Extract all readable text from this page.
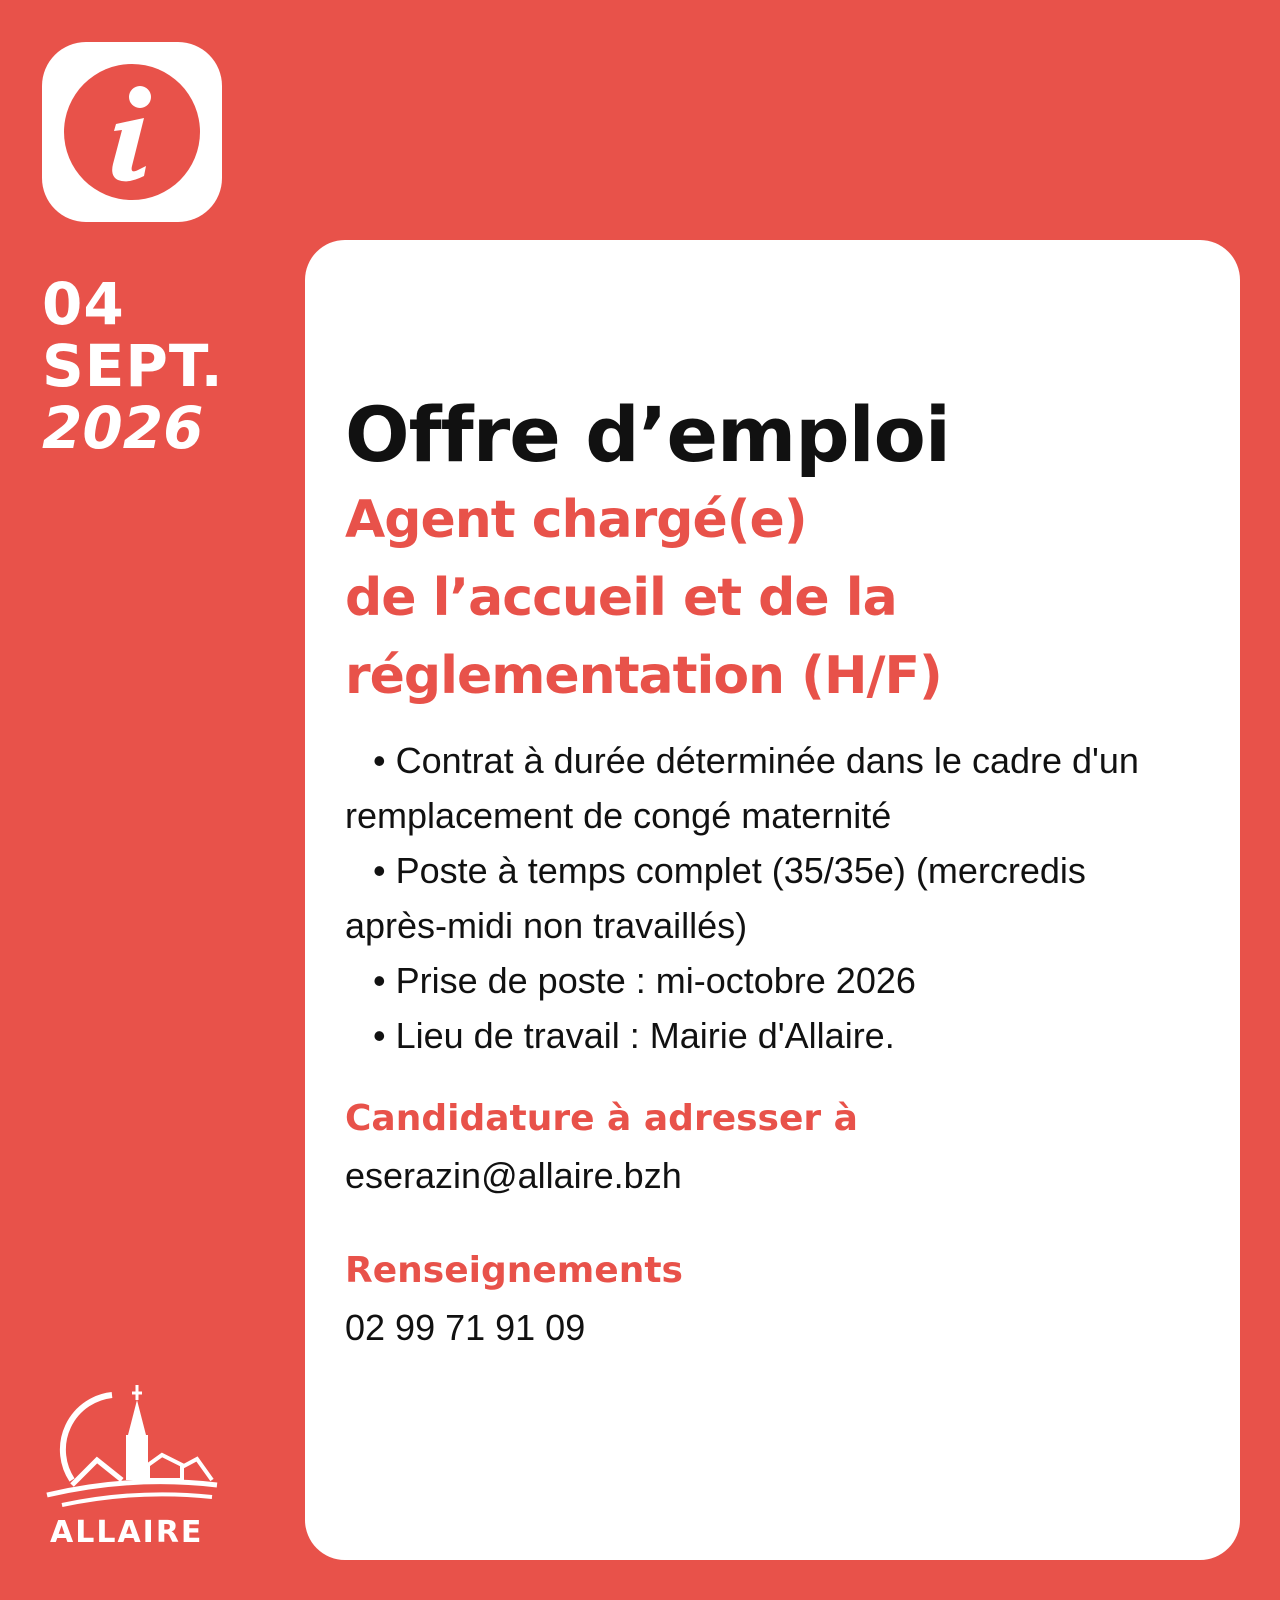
04
SEPT.
2026 Offre d’emploi
Agent chargé(e)
de l’accueil et de la
réglementation (H/F)
• Contrat à durée déterminée dans le cadre d'un
remplacement de congé maternité
• Poste à temps complet (35/35e) (mercredis
après-midi non travaillés)
• Prise de poste : mi-octobre 2026
• Lieu de travail : Mairie d'Allaire.
Candidature à adresser à
eserazin@allaire.bzh
Renseignements
02 99 71 91 09
ALLAIRE
